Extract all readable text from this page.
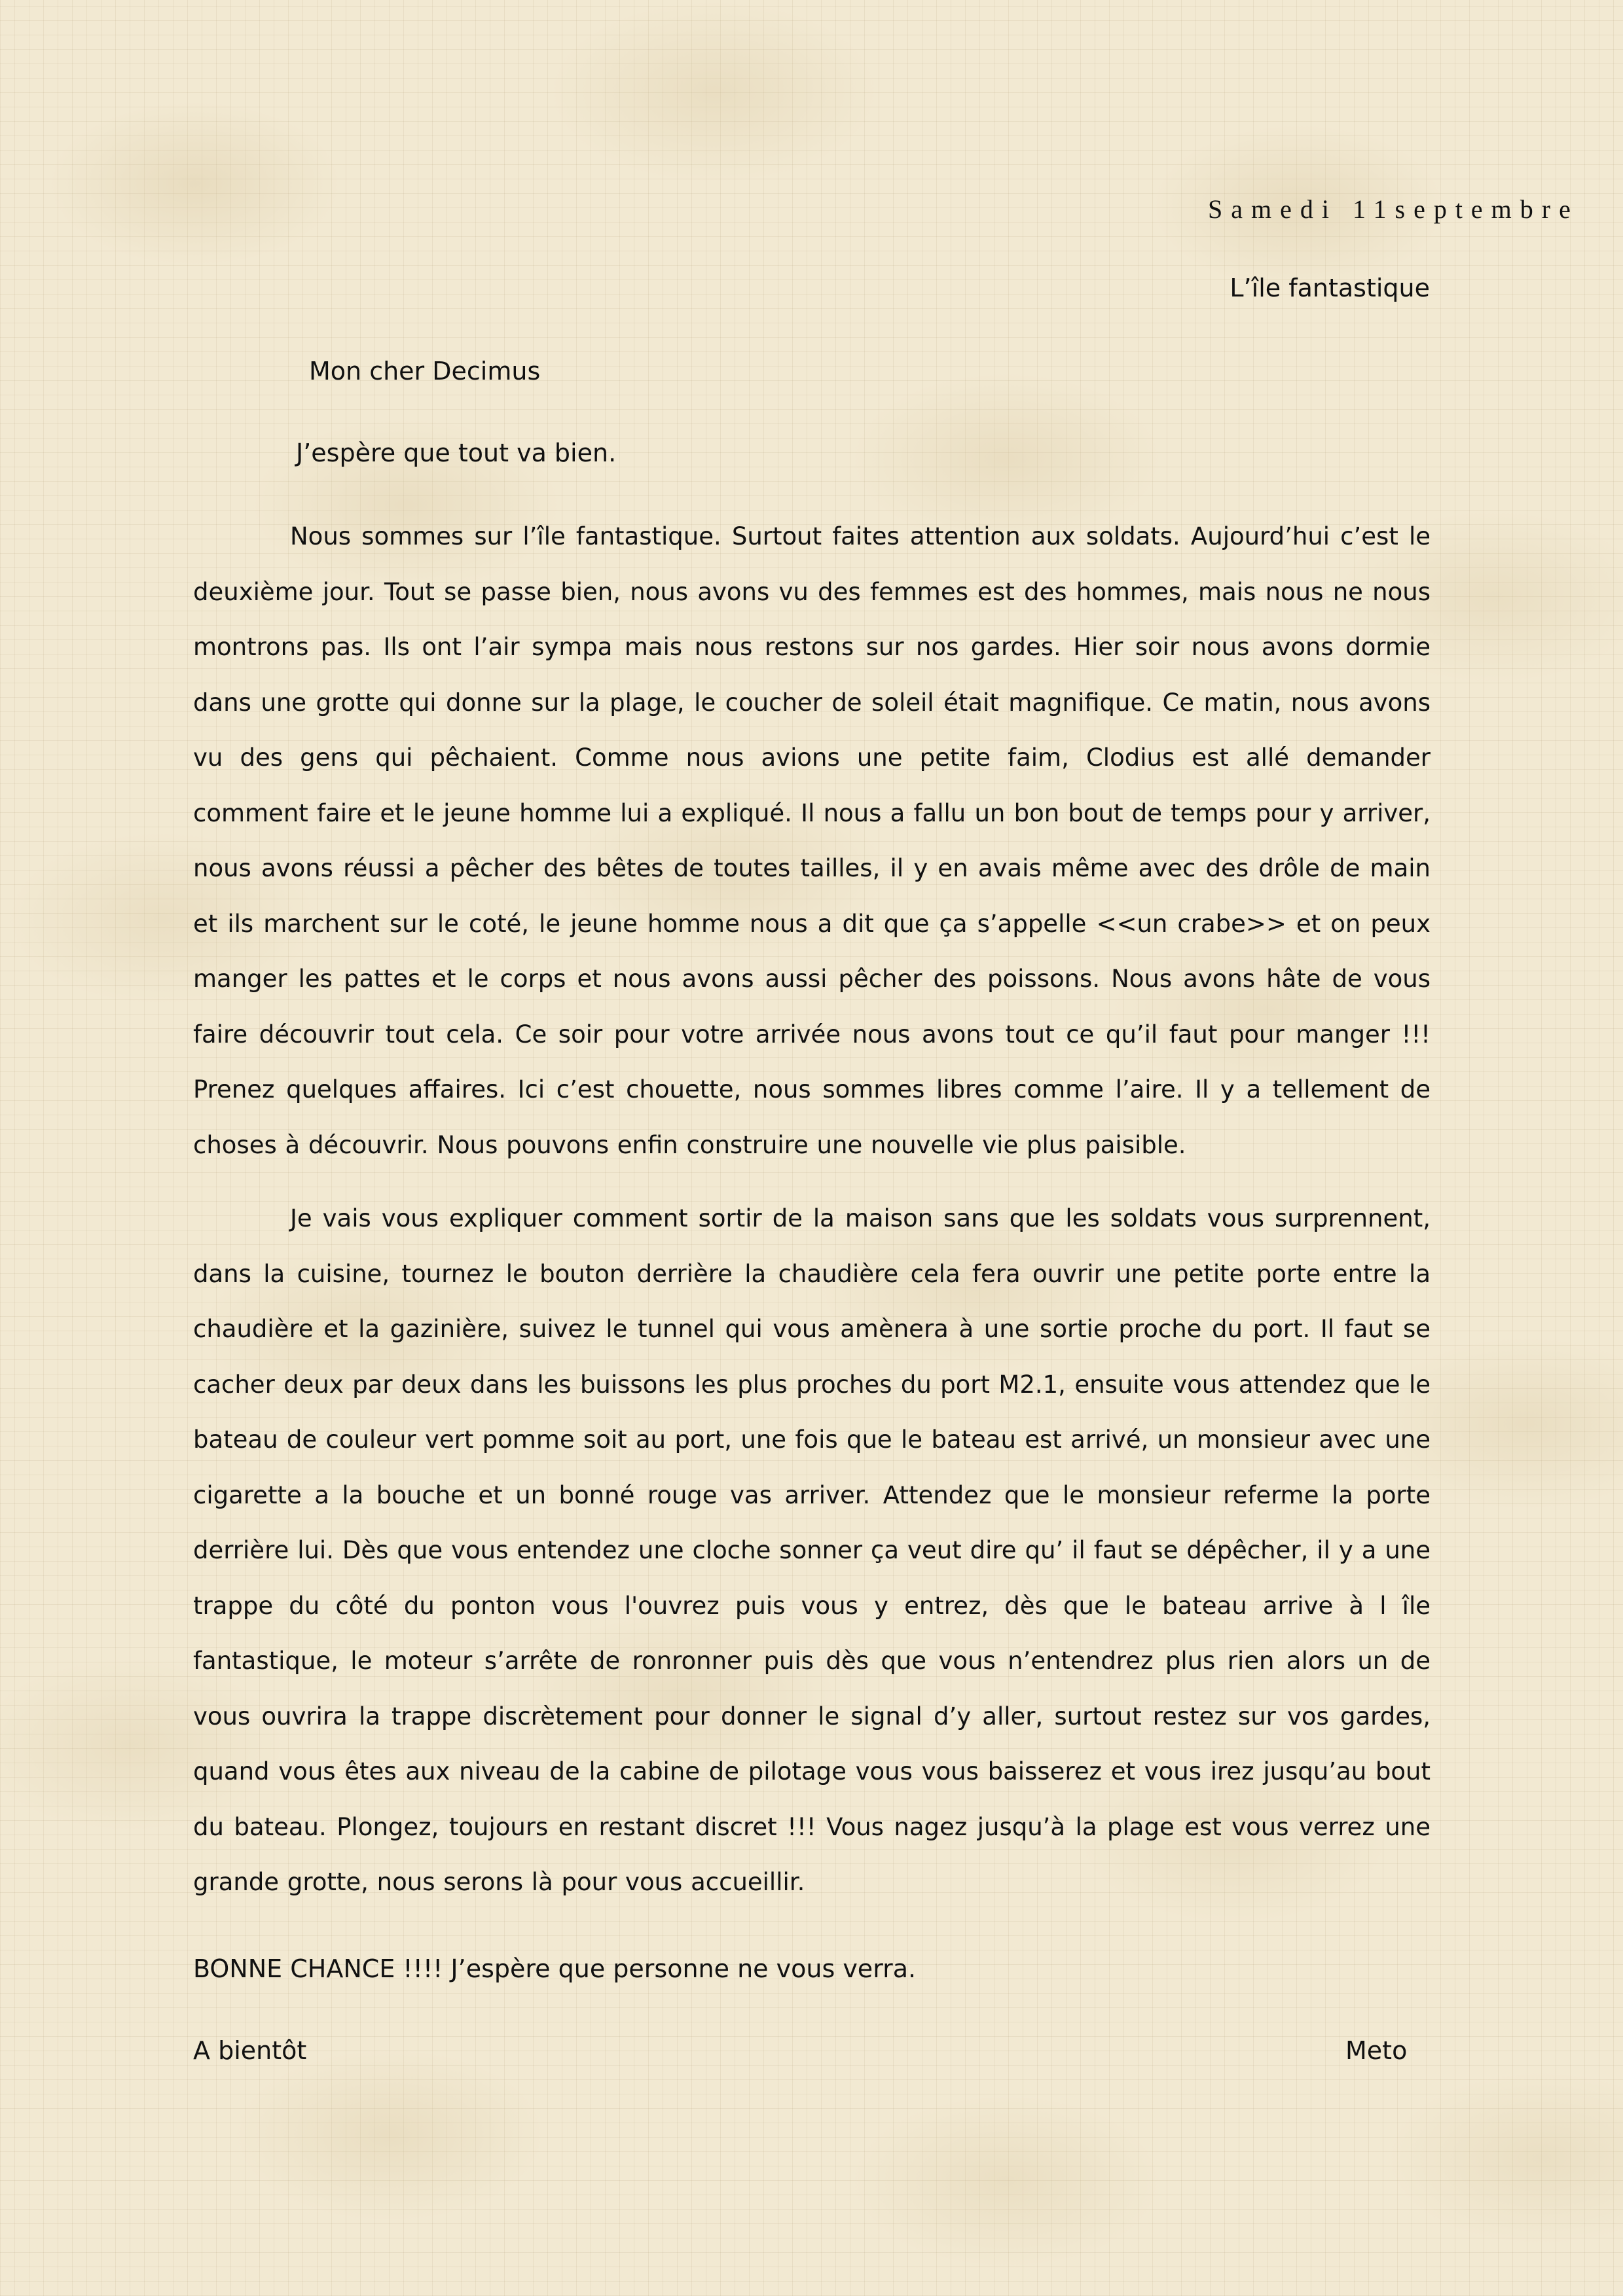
Samedi 11septembre
L’île fantastique
Mon cher Decimus
J’espère que tout va bien.
Nous sommes sur l’île fantastique. Surtout faites attention aux soldats. Aujourd’hui c’est le deuxième jour. Tout se passe bien, nous avons vu des femmes est des hommes, mais nous ne nous montrons pas. Ils ont l’air sympa mais nous restons sur nos gardes. Hier soir nous avons dormie dans une grotte qui donne sur la plage, le coucher de soleil était magnifique. Ce matin, nous avons vu des gens qui pêchaient. Comme nous avions une petite faim, Clodius est allé demander comment faire et le jeune homme lui a expliqué. Il nous a fallu un bon bout de temps pour y arriver, nous avons réussi a pêcher des bêtes de toutes tailles, il y en avais même avec des drôle de main et ils marchent sur le coté, le jeune homme nous a dit que ça s’appelle <<un crabe>> et on peux manger les pattes et le corps et nous avons aussi pêcher des poissons. Nous avons hâte de vous faire découvrir tout cela. Ce soir pour votre arrivée nous avons tout ce qu’il faut pour manger !!! Prenez quelques affaires. Ici c’est chouette, nous sommes libres comme l’aire. Il y a tellement de choses à découvrir. Nous pouvons enfin construire une nouvelle vie plus paisible.
Je vais vous expliquer comment sortir de la maison sans que les soldats vous surprennent, dans la cuisine, tournez le bouton derrière la chaudière cela fera ouvrir une petite porte entre la chaudière et la gazinière, suivez le tunnel qui vous amènera à une sortie proche du port. Il faut se cacher deux par deux dans les buissons les plus proches du port M2.1, ensuite vous attendez que le bateau de couleur vert pomme soit au port, une fois que le bateau est arrivé, un monsieur avec une cigarette a la bouche et un bonné rouge vas arriver. Attendez que le monsieur referme la porte derrière lui. Dès que vous entendez une cloche sonner ça veut dire qu’ il faut se dépêcher, il y a une trappe du côté du ponton vous l'ouvrez puis vous y entrez, dès que le bateau arrive à l île fantastique, le moteur s’arrête de ronronner puis dès que vous n’entendrez plus rien alors un de vous ouvrira la trappe discrètement pour donner le signal d’y aller, surtout restez sur vos gardes, quand vous êtes aux niveau de la cabine de pilotage vous vous baisserez et vous irez jusqu’au bout du bateau. Plongez, toujours en restant discret !!! Vous nagez jusqu’à la plage est vous verrez une grande grotte, nous serons là pour vous accueillir.
BONNE CHANCE !!!! J’espère que personne ne vous verra.
A bientôt	Meto
